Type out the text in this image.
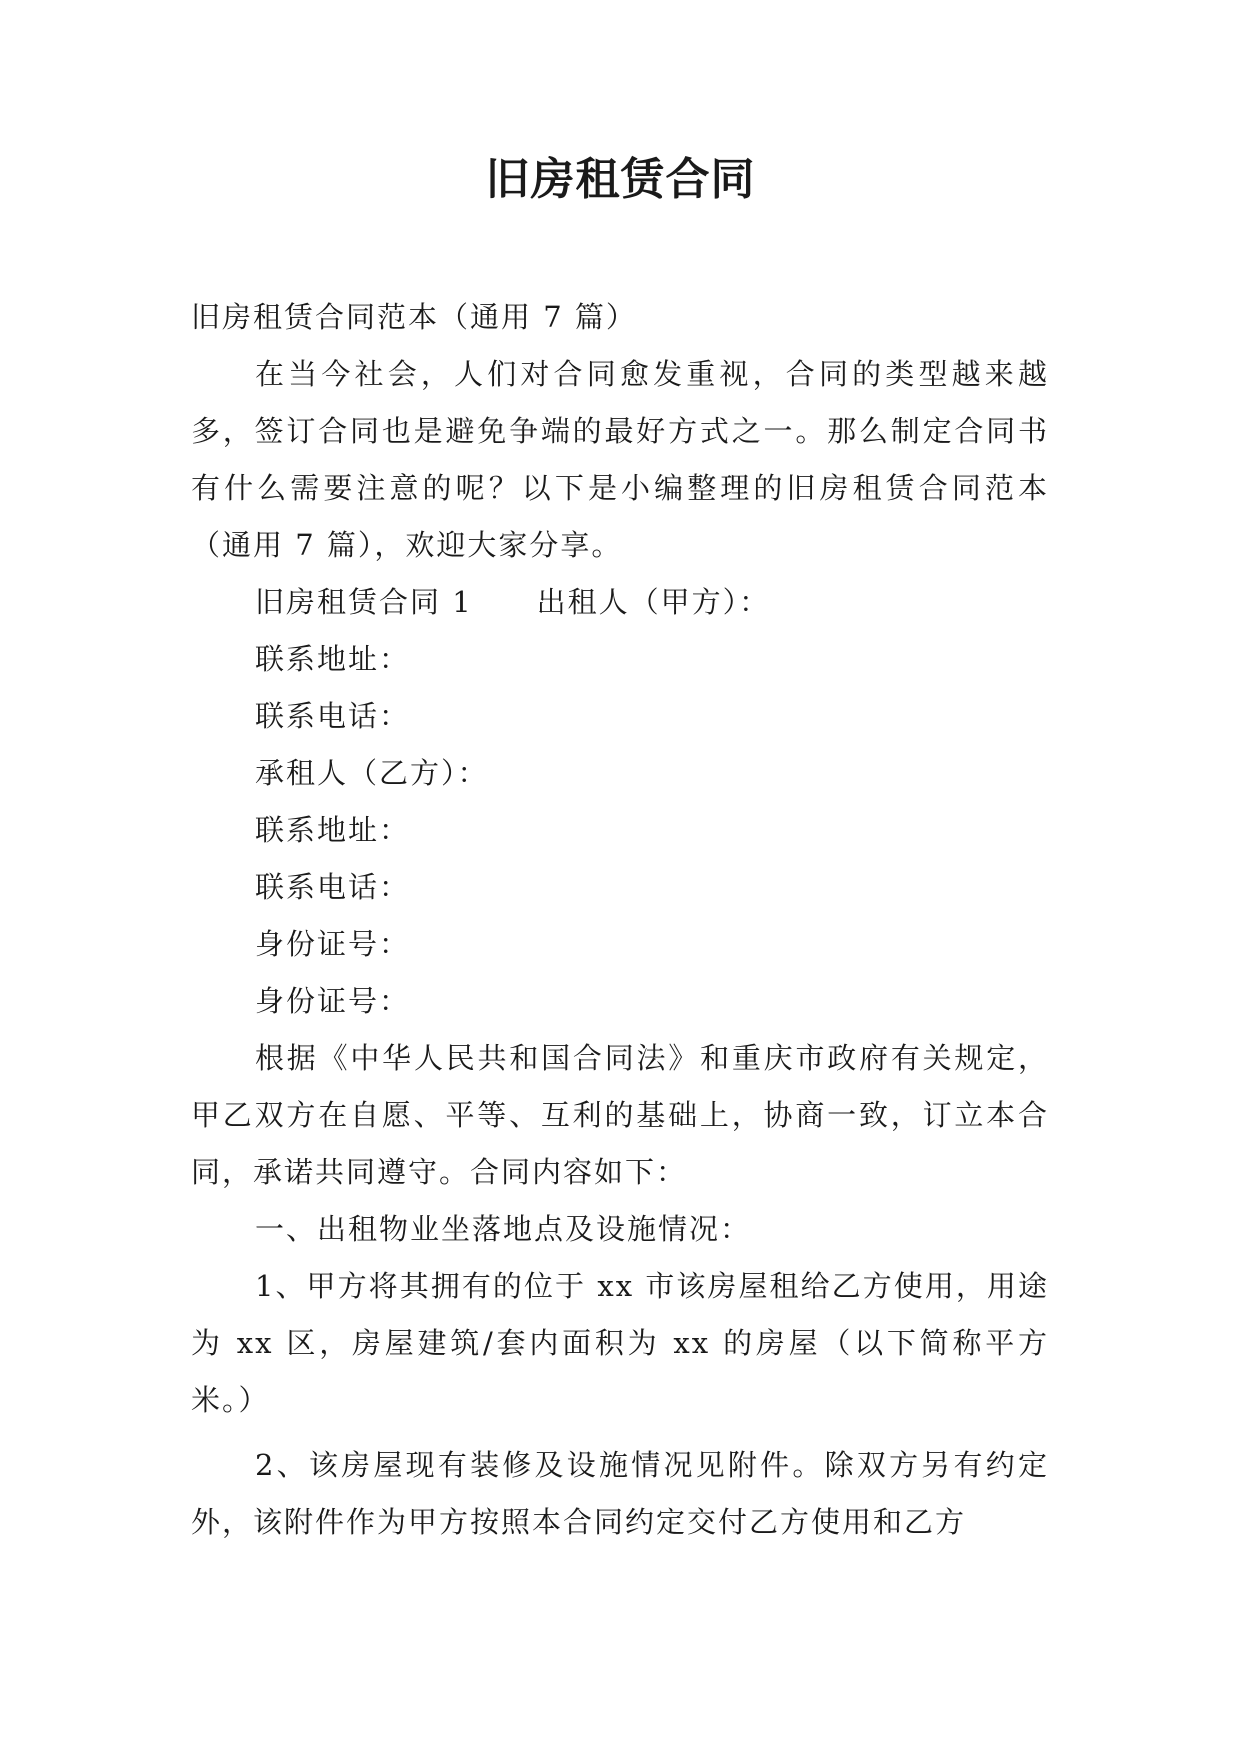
旧房租赁合同

旧房租赁合同范本（通用 7 篇）

在当今社会，人们对合同愈发重视，合同的类型越来越多，签订合同也是避免争端的最好方式之一。那么制定合同书有什么需要注意的呢？以下是小编整理的旧房租赁合同范本（通用 7 篇），欢迎大家分享。

旧房租赁合同 1 出租人（甲方）：

联系地址：

联系电话：

承租人（乙方）：

联系地址：

联系电话：

身份证号：

身份证号：

根据《中华人民共和国合同法》和重庆市政府有关规定，甲乙双方在自愿、平等、互利的基础上，协商一致，订立本合同，承诺共同遵守。合同内容如下：

一、出租物业坐落地点及设施情况：

1、甲方将其拥有的位于 xx 市该房屋租给乙方使用，用途为 xx 区，房屋建筑/套内面积为 xx 的房屋（以下简称平方米。）

2、该房屋现有装修及设施情况见附件。除双方另有约定外，该附件作为甲方按照本合同约定交付乙方使用和乙方
